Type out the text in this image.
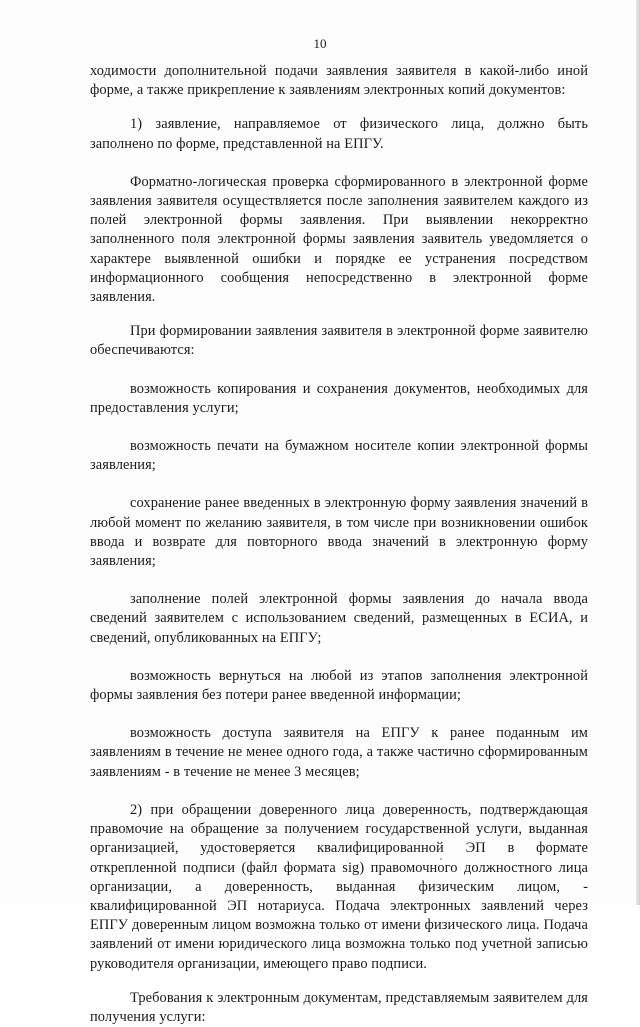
10

ходимости дополнительной подачи заявления заявителя в какой-либо иной форме, а также прикрепление к заявлениям электронных копий документов:

1) заявление, направляемое от физического лица, должно быть заполнено по форме, представленной на ЕПГУ.

Форматно-логическая проверка сформированного в электронной форме заявления заявителя осуществляется после заполнения заявителем каждого из полей электронной формы заявления. При выявлении некорректно заполненного поля электронной формы заявления заявитель уведомляется о характере выявленной ошибки и порядке ее устранения посредством информационного сообщения непосредственно в электронной форме заявления.

При формировании заявления заявителя в электронной форме заявителю обеспечиваются:

возможность копирования и сохранения документов, необходимых для предоставления услуги;

возможность печати на бумажном носителе копии электронной формы заявления;

сохранение ранее введенных в электронную форму заявления значений в любой момент по желанию заявителя, в том числе при возникновении ошибок ввода и возврате для повторного ввода значений в электронную форму заявления;

заполнение полей электронной формы заявления до начала ввода сведений заявителем с использованием сведений, размещенных в ЕСИА, и сведений, опубликованных на ЕПГУ;

возможность вернуться на любой из этапов заполнения электронной формы заявления без потери ранее введенной информации;

возможность доступа заявителя на ЕПГУ к ранее поданным им заявлениям в течение не менее одного года, а также частично сформированным заявлениям - в течение не менее 3 месяцев;

2) при обращении доверенного лица доверенность, подтверждающая правомочие на обращение за получением государственной услуги, выданная организацией, удостоверяется квалифицированной ЭП в формате открепленной подписи (файл формата sig) правомочного должностного лица организации, а доверенность, выданная физическим лицом, - квалифицированной ЭП нотариуса. Подача электронных заявлений через ЕПГУ доверенным лицом возможна только от имени физического лица. Подача заявлений от имени юридического лица возможна только под учетной записью руководителя организации, имеющего право подписи.

Требования к электронным документам, представляемым заявителем для получения услуги:
